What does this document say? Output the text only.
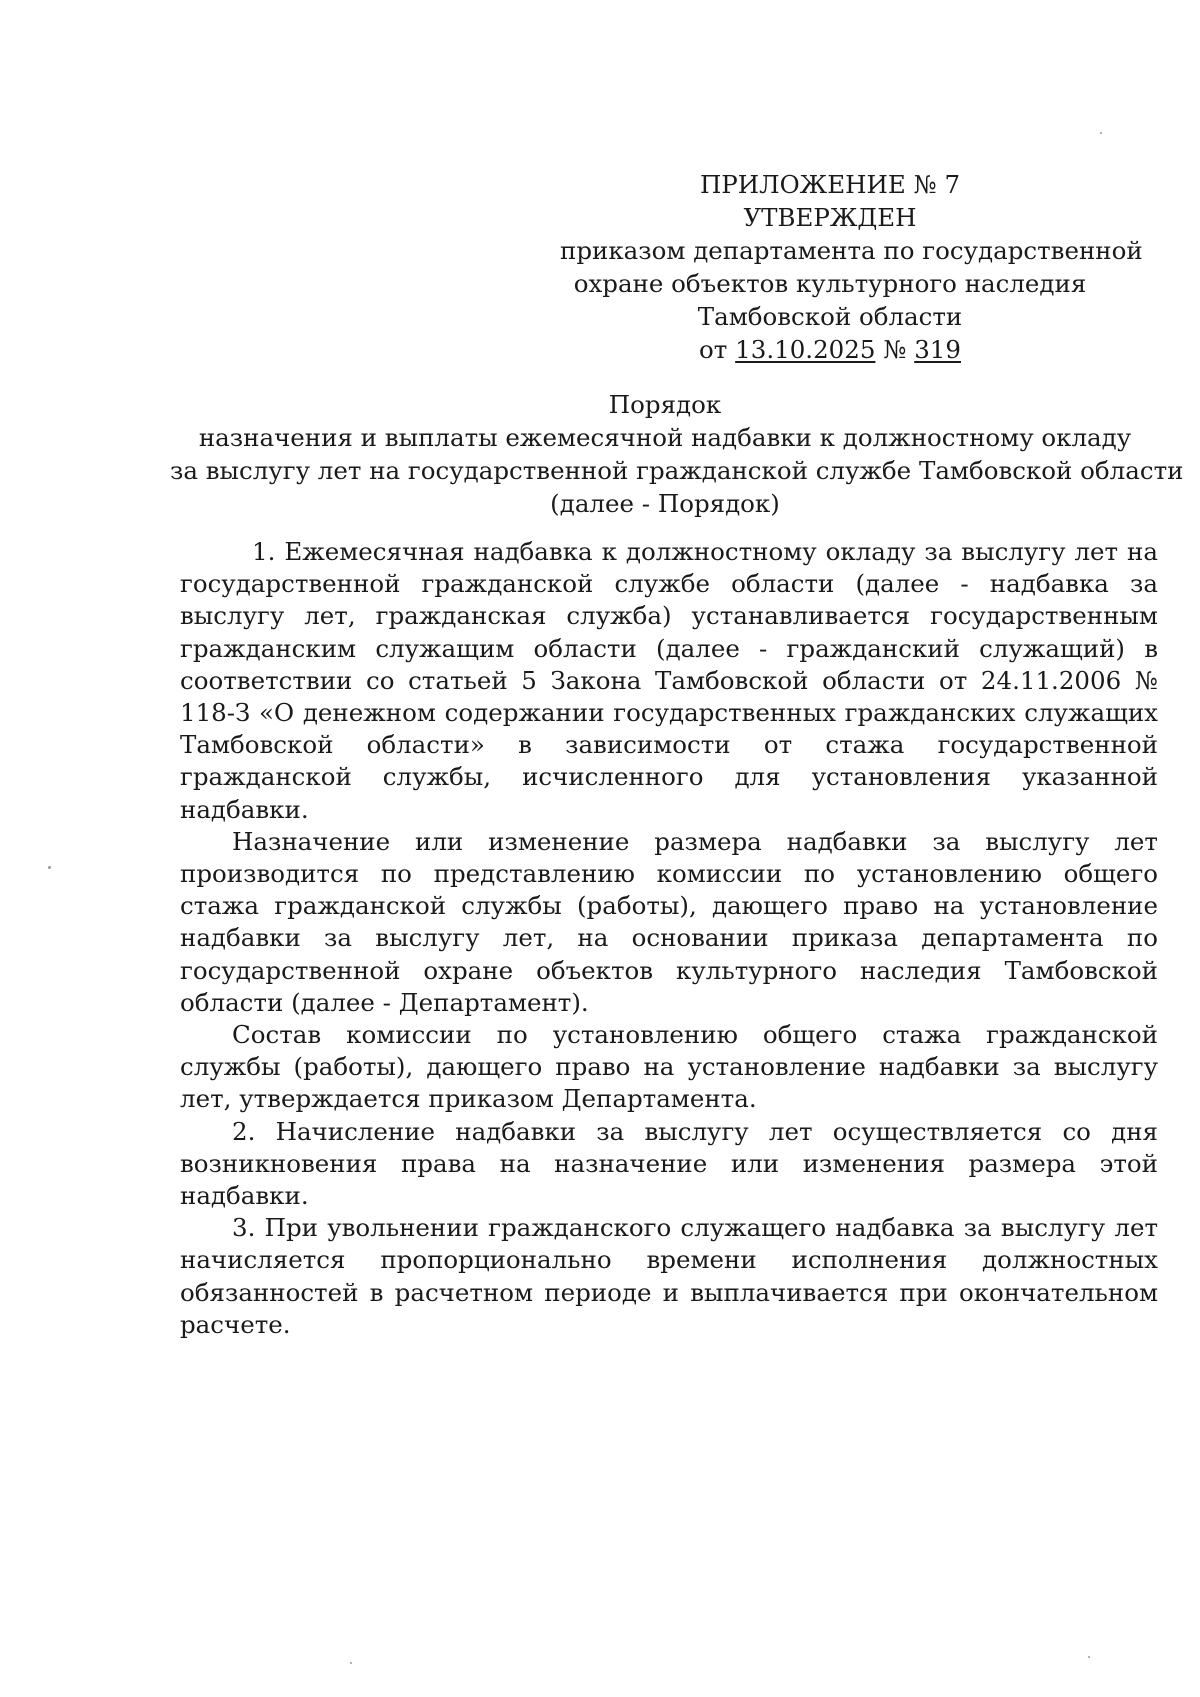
ПРИЛОЖЕНИЕ № 7
УТВЕРЖДЕН
приказом департамента по государственной
охране объектов культурного наследия
Тамбовской области
от 13.10.2025 № 319
Порядок
назначения и выплаты ежемесячной надбавки к должностному окладу
за выслугу лет на государственной гражданской службе Тамбовской области
(далее - Порядок)

1. Ежемесячная надбавка к должностному окладу за выслугу лет на государственной гражданской службе области (далее - надбавка за выслугу лет, гражданская служба) устанавливается государственным гражданским служащим области (далее - гражданский служащий) в соответствии со статьей 5 Закона Тамбовской области от 24.11.2006 № 118-З «О денежном содержании государственных гражданских служащих Тамбовской области» в зависимости от стажа государственной гражданской службы, исчисленного для установления указанной надбавки.

Назначение или изменение размера надбавки за выслугу лет производится по представлению комиссии по установлению общего стажа гражданской службы (работы), дающего право на установление надбавки за выслугу лет, на основании приказа департамента по государственной охране объектов культурного наследия Тамбовской области (далее - Департамент).

Состав комиссии по установлению общего стажа гражданской службы (работы), дающего право на установление надбавки за выслугу лет, утверждается приказом Департамента.

2. Начисление надбавки за выслугу лет осуществляется со дня возникновения права на назначение или изменения размера этой надбавки.

3. При увольнении гражданского служащего надбавка за выслугу лет начисляется пропорционально времени исполнения должностных обязанностей в расчетном периоде и выплачивается при окончательном расчете.
